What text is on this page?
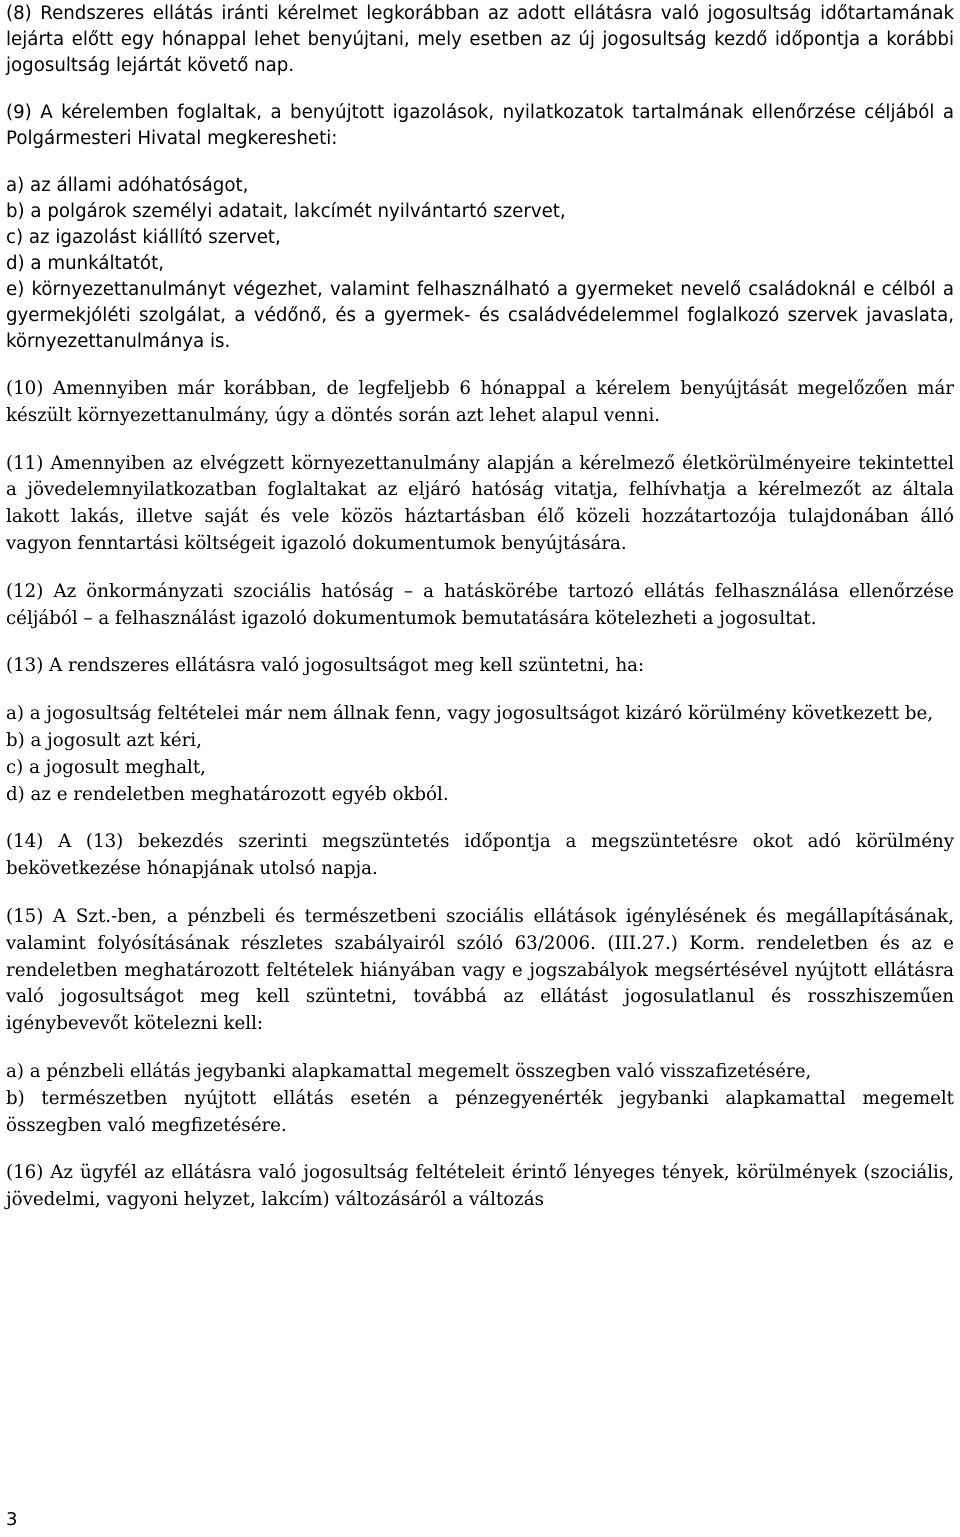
(8) Rendszeres ellátás iránti kérelmet legkorábban az adott ellátásra való jogosultság időtartamának lejárta előtt egy hónappal lehet benyújtani, mely esetben az új jogosultság kezdő időpontja a korábbi jogosultság lejártát követő nap.

(9) A kérelemben foglaltak, a benyújtott igazolások, nyilatkozatok tartalmának ellenőrzése céljából a Polgármesteri Hivatal megkeresheti:

a) az állami adóhatóságot,
b) a polgárok személyi adatait, lakcímét nyilvántartó szervet,
c) az igazolást kiállító szervet,
d) a munkáltatót,
e) környezettanulmányt végezhet, valamint felhasználható a gyermeket nevelő családoknál e célból a gyermekjóléti szolgálat, a védőnő, és a gyermek- és családvédelemmel foglalkozó szervek javaslata, környezettanulmánya is.

(10) Amennyiben már korábban, de legfeljebb 6 hónappal a kérelem benyújtását megelőzően már készült környezettanulmány, úgy a döntés során azt lehet alapul venni.

(11) Amennyiben az elvégzett környezettanulmány alapján a kérelmező életkörülményeire tekintettel a jövedelemnyilatkozatban foglaltakat az eljáró hatóság vitatja, felhívhatja a kérelmezőt az általa lakott lakás, illetve saját és vele közös háztartásban élő közeli hozzátartozója tulajdonában álló vagyon fenntartási költségeit igazoló dokumentumok benyújtására.

(12) Az önkormányzati szociális hatóság – a hatáskörébe tartozó ellátás felhasználása ellenőrzése céljából – a felhasználást igazoló dokumentumok bemutatására kötelezheti a jogosultat.

(13) A rendszeres ellátásra való jogosultságot meg kell szüntetni, ha:

a) a jogosultság feltételei már nem állnak fenn, vagy jogosultságot kizáró körülmény következett be,
b) a jogosult azt kéri,
c) a jogosult meghalt,
d) az e rendeletben meghatározott egyéb okból.

(14) A (13) bekezdés szerinti megszüntetés időpontja a megszüntetésre okot adó körülmény bekövetkezése hónapjának utolsó napja.

(15) A Szt.-ben, a pénzbeli és természetbeni szociális ellátások igénylésének és megállapításának, valamint folyósításának részletes szabályairól szóló 63/2006. (III.27.) Korm. rendeletben és az e rendeletben meghatározott feltételek hiányában vagy e jogszabályok megsértésével nyújtott ellátásra való jogosultságot meg kell szüntetni, továbbá az ellátást jogosulatlanul és rosszhiszeműen igénybevevőt kötelezni kell:

a) a pénzbeli ellátás jegybanki alapkamattal megemelt összegben való visszafizetésére,
b) természetben nyújtott ellátás esetén a pénzegyenérték jegybanki alapkamattal megemelt összegben való megfizetésére.

(16) Az ügyfél az ellátásra való jogosultság feltételeit érintő lényeges tények, körülmények (szociális, jövedelmi, vagyoni helyzet, lakcím) változásáról a változás

3
